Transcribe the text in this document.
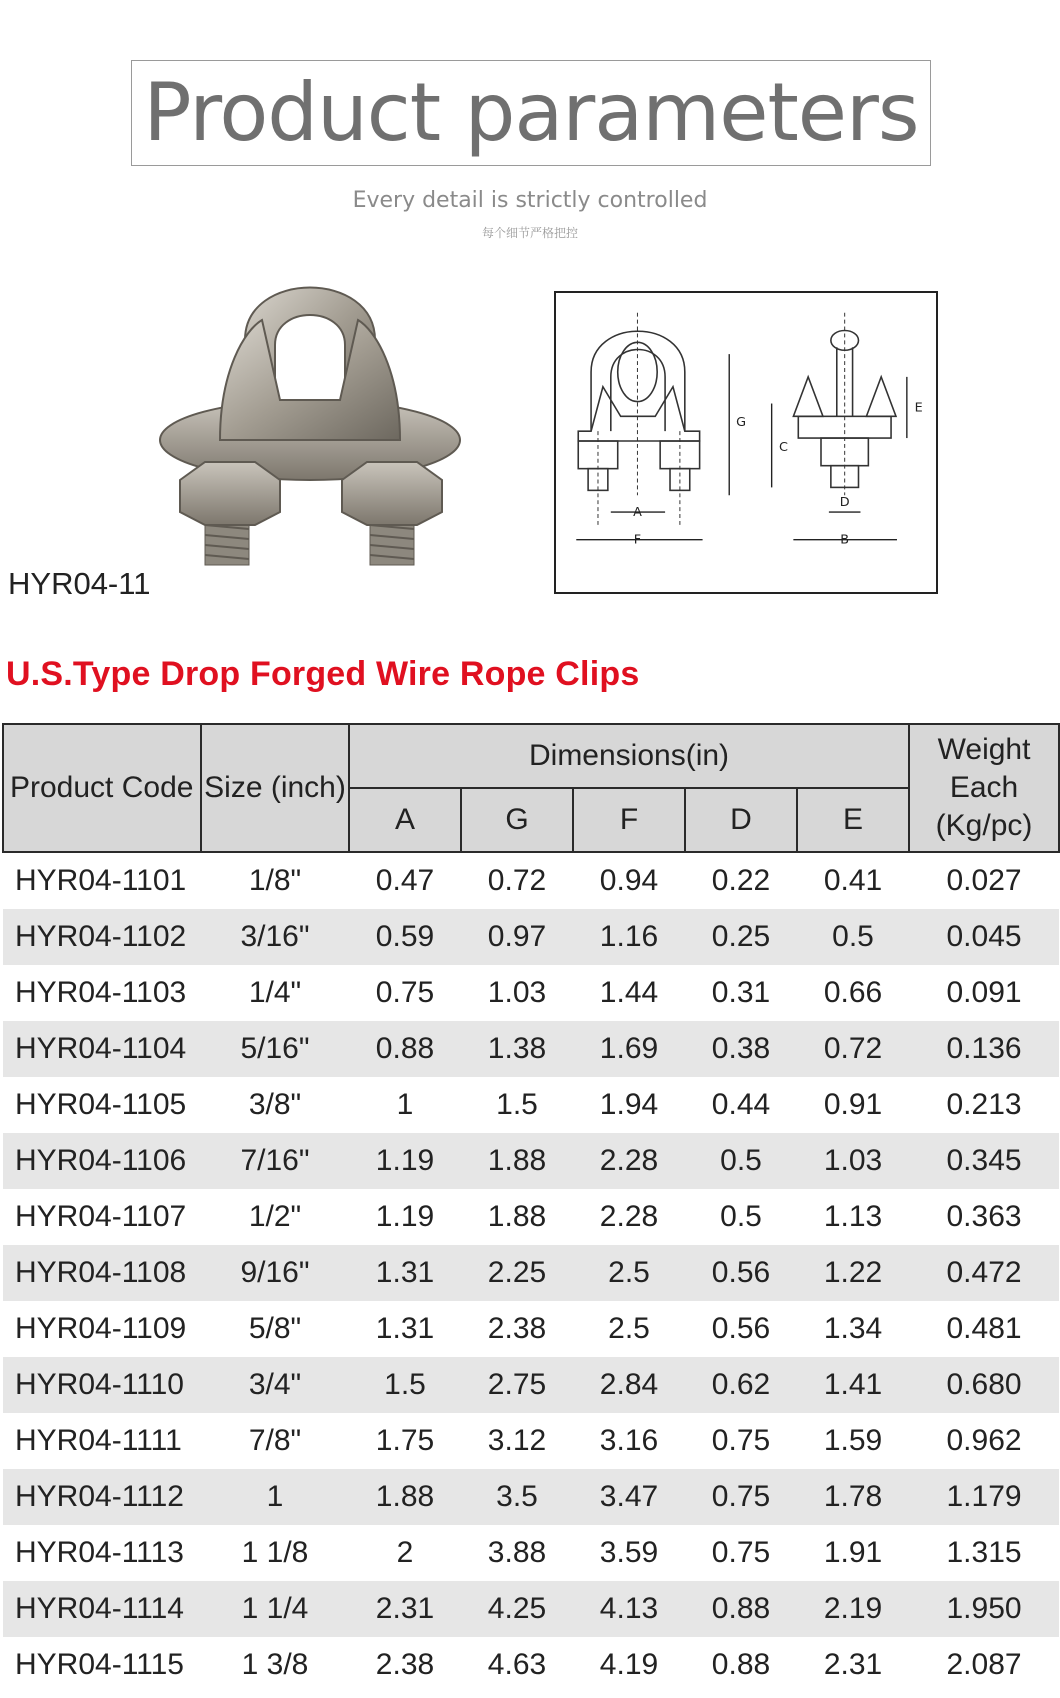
Product parameters
Every detail is strictly controlled
每个细节严格把控
HYR04-11
A
F
G
C
D
B
E
U.S.Type Drop Forged Wire Rope Clips
Product Code	Size (inch)	Dimensions(in)					Weight Each (Kg/pc)
		A	G	F	D	E	
HYR04-1101	1/8"	0.47	0.72	0.94	0.22	0.41	0.027
HYR04-1102	3/16"	0.59	0.97	1.16	0.25	0.5	0.045
HYR04-1103	1/4"	0.75	1.03	1.44	0.31	0.66	0.091
HYR04-1104	5/16"	0.88	1.38	1.69	0.38	0.72	0.136
HYR04-1105	3/8"	1	1.5	1.94	0.44	0.91	0.213
HYR04-1106	7/16"	1.19	1.88	2.28	0.5	1.03	0.345
HYR04-1107	1/2"	1.19	1.88	2.28	0.5	1.13	0.363
HYR04-1108	9/16"	1.31	2.25	2.5	0.56	1.22	0.472
HYR04-1109	5/8"	1.31	2.38	2.5	0.56	1.34	0.481
HYR04-1110	3/4"	1.5	2.75	2.84	0.62	1.41	0.680
HYR04-1111	7/8"	1.75	3.12	3.16	0.75	1.59	0.962
HYR04-1112	1	1.88	3.5	3.47	0.75	1.78	1.179
HYR04-1113	1 1/8	2	3.88	3.59	0.75	1.91	1.315
HYR04-1114	1 1/4	2.31	4.25	4.13	0.88	2.19	1.950
HYR04-1115	1 3/8	2.38	4.63	4.19	0.88	2.31	2.087
